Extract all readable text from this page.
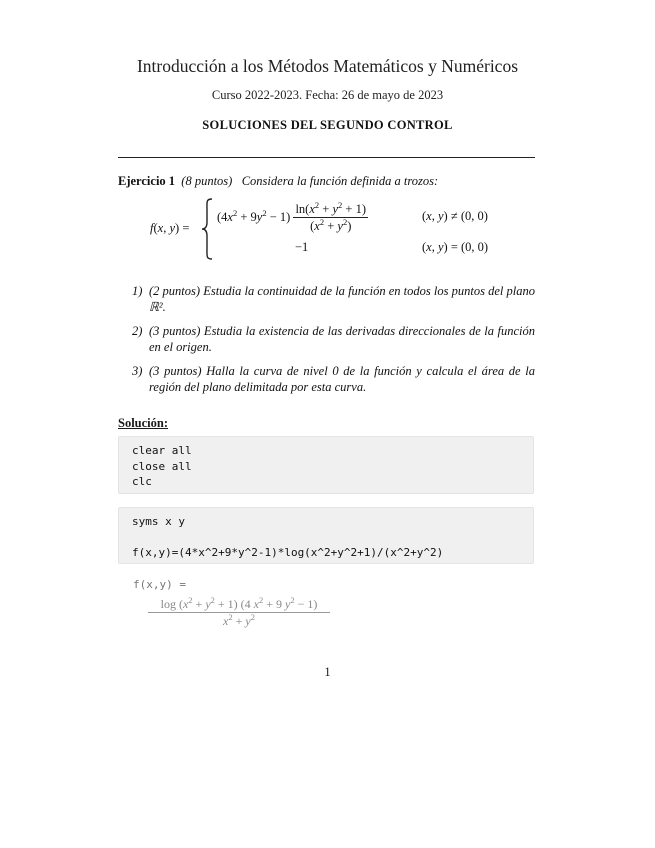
Introducción a los Métodos Matemáticos y Numéricos
Curso 2022-2023. Fecha: 26 de mayo de 2023
SOLUCIONES DEL SEGUNDO CONTROL
Ejercicio 1 (8 puntos) Considera la función definida a trozos:
f(x, y) =
$(4x^2 + 9y^2 - 1) \frac{\ln(x^2 + y^2 + 1)}{(x^2 + y^2)}$	(x, y) ≠ (0, 0)
−1	(x, y) = (0, 0)
1) (2 puntos) Estudia la continuidad de la función en todos los puntos del plano ℝ².
2) (3 puntos) Estudia la existencia de las derivadas direccionales de la función en el origen.
3) (3 puntos) Halla la curva de nivel 0 de la función y calcula el área de la región del plano delimitada por esta curva.
Solución:
clear all
close all
clc
syms x y
f(x,y)=(4*x^2+9*y^2-1)*log(x^2+y^2+1)/(x^2+y^2)
f(x,y) =
$\frac{\log (x^2 + y^2 + 1) (4 x^2 + 9 y^2 - 1)}{x^2 + y^2}$
1
